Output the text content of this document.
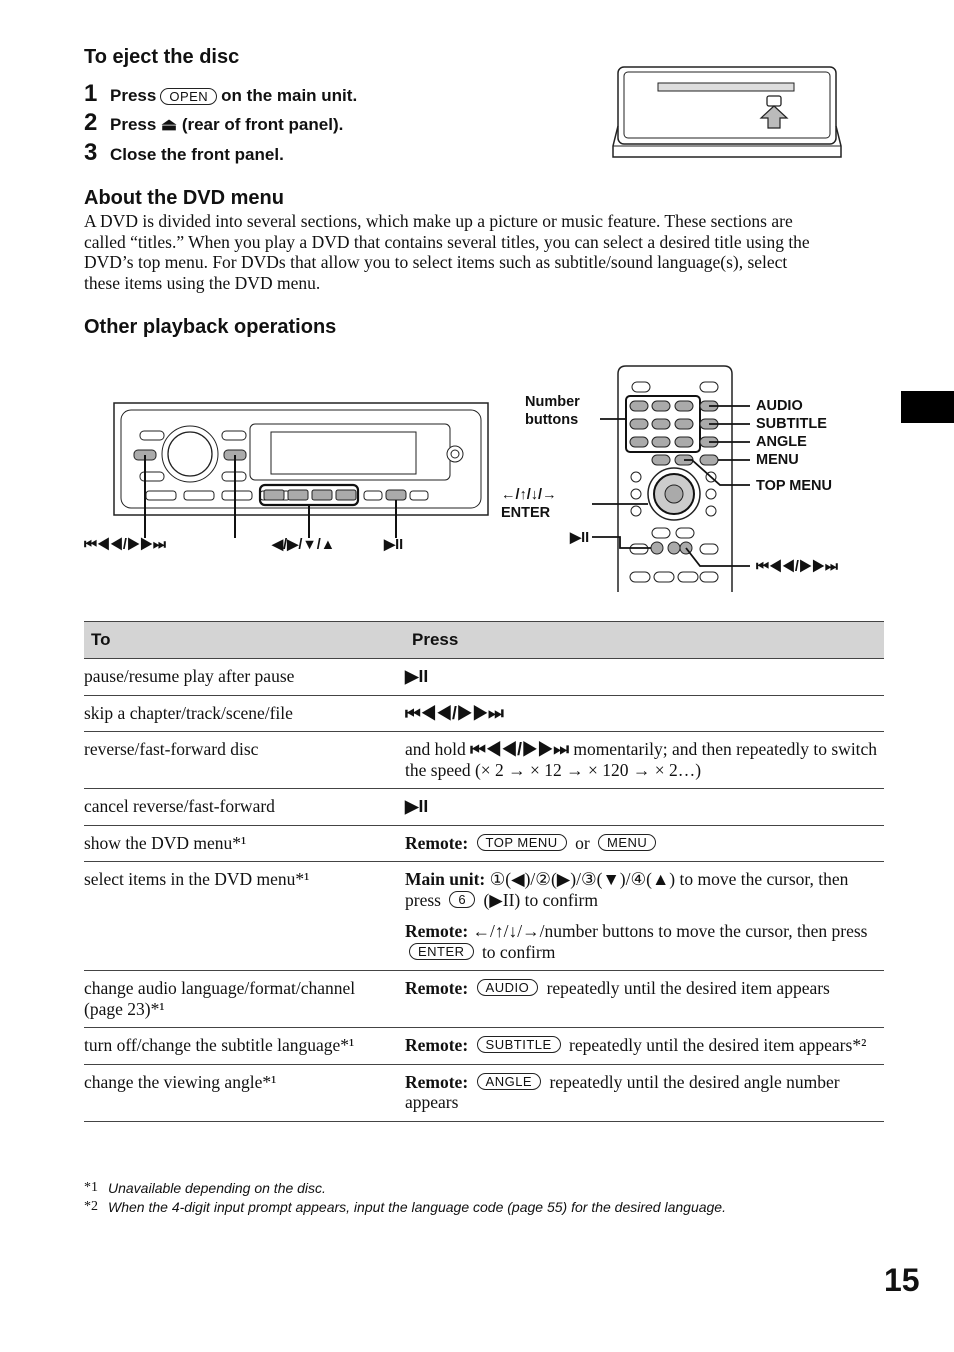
To eject the disc
1 Press	OPEN on the main unit.
2 Press ⏏ (rear of front panel).
3 Close the front panel.
About the DVD menu
A DVD is divided into several sections, which make up a picture or music feature. These sections are
called “titles.” When you play a DVD that contains several titles, you can select a desired title using the
DVD’s top menu. For DVDs that allow you to select items such as subtitle/sound language(s), select
these items using the DVD menu.
Other playback operations
⏮◀◀/▶▶⏭	◀/▶/▼/▲	▶II
Number
buttons
←/↑/↓/→
ENTER
▶II
AUDIO
SUBTITLE
ANGLE
MENU
TOP MENU
⏮◀◀/▶▶⏭
To	Press
pause/resume play after pause	▶II
skip a chapter/track/scene/file	⏮◀◀/▶▶⏭
reverse/fast-forward disc	and hold ⏮◀◀/▶▶⏭ momentarily; and then repeatedly to switch the speed (× 2 → × 12 → × 120 → × 2…)
cancel reverse/fast-forward	▶II
show the DVD menu*¹	Remote: TOP MENU or MENU
select items in the DVD menu*¹	Main unit: ①(◀)/②(▶)/③(▼)/④(▲) to move the cursor, then press 6 (▶II) to confirm
Remote: ←/↑/↓/→/number buttons to move the cursor, then press ENTER to confirm

change audio language/format/channel (page 23)*¹	Remote: AUDIO repeatedly until the desired item appears
turn off/change the subtitle language*¹	Remote: SUBTITLE repeatedly until the desired item appears*²
change the viewing angle*¹	Remote: ANGLE repeatedly until the desired angle number appears
*1 Unavailable depending on the disc.
*2 When the 4-digit input prompt appears, input the language code (page 55) for the desired language.
15
